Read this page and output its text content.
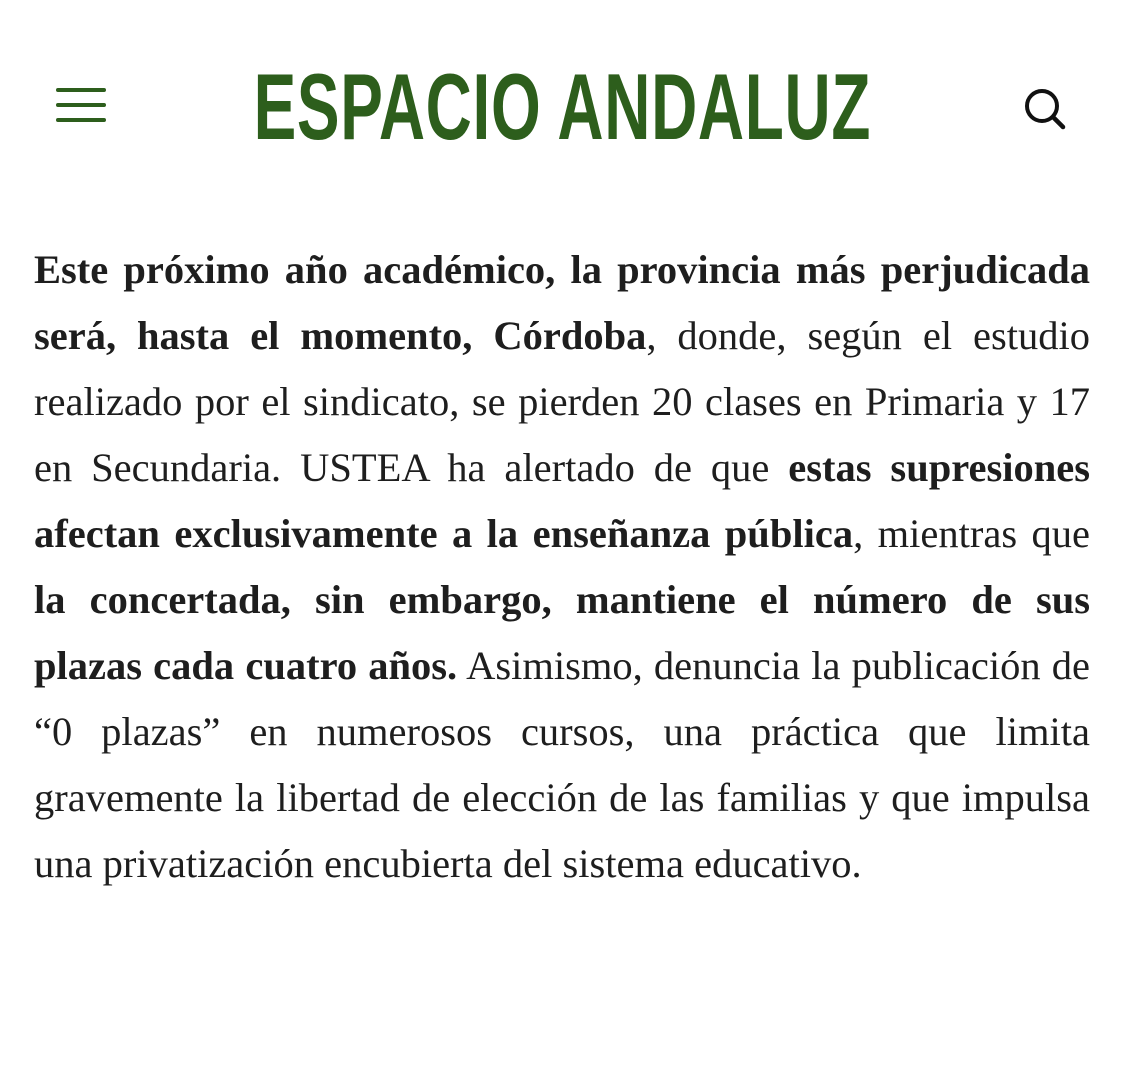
ESPACIO ANDALUZ

Este próximo año académico, la provincia más perjudicada será, hasta el momento, Córdoba, donde, según el estudio realizado por el sindicato, se pierden 20 clases en Primaria y 17 en Secundaria. USTEA ha alertado de que estas supresiones afectan exclusivamente a la enseñanza pública, mientras que la concertada, sin embargo, mantiene el número de sus plazas cada cuatro años. Asimismo, denuncia la publicación de “0 plazas” en numerosos cursos, una práctica que limita gravemente la libertad de elección de las familias y que impulsa una privatización encubierta del sistema educativo.
